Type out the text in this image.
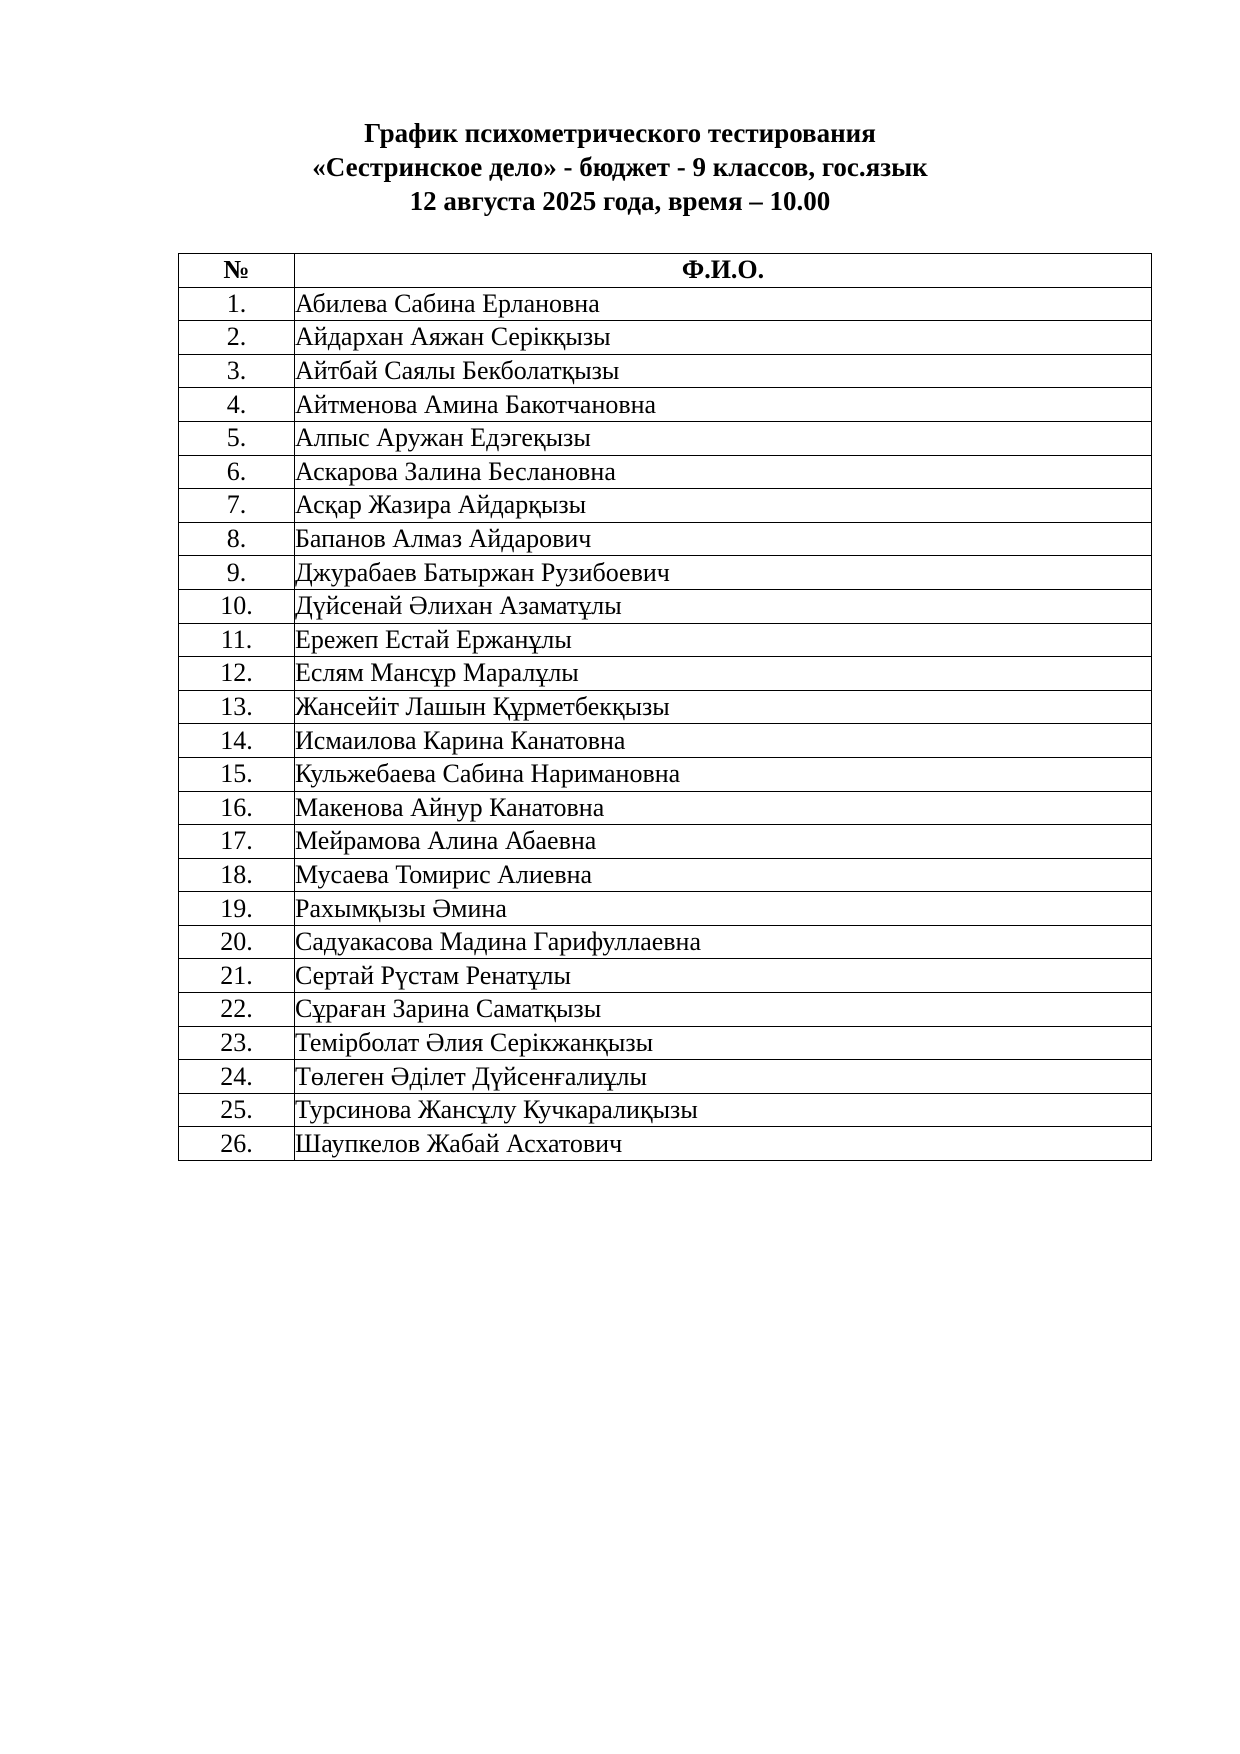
График психометрического тестирования
«Сестринское дело» - бюджет - 9 классов, гос.язык
12 августа 2025 года, время – 10.00
№	Ф.И.О.
1.	Абилева Сабина Ерлановна
2.	Айдархан Аяжан Серікқызы
3.	Айтбай Саялы Бекболатқызы
4.	Айтменова Амина Бакотчановна
5.	Алпыс Аружан Едэгеқызы
6.	Аскарова Залина Беслановна
7.	Асқар Жазира Айдарқызы
8.	Бапанов Алмаз Айдарович
9.	Джурабаев Батыржан Рузибоевич
10.	Дүйсенай Әлихан Азаматұлы
11.	Ережеп Естай Ержанұлы
12.	Еслям Мансұр Маралұлы
13.	Жансейіт Лашын Құрметбекқызы
14.	Исмаилова Карина Канатовна
15.	Кульжебаева Сабина Наримановна
16.	Макенова Айнур Канатовна
17.	Мейрамова Алина Абаевна
18.	Мусаева Томирис Алиевна
19.	Рахымқызы Әмина
20.	Садуакасова Мадина Гарифуллаевна
21.	Сертай Рүстам Ренатұлы
22.	Сұраған Зарина Саматқызы
23.	Темірболат Әлия Серікжанқызы
24.	Төлеген Әділет Дүйсенғалиұлы
25.	Турсинова Жансұлу Кучкаралиқызы
26.	Шаупкелов Жабай Асхатович
